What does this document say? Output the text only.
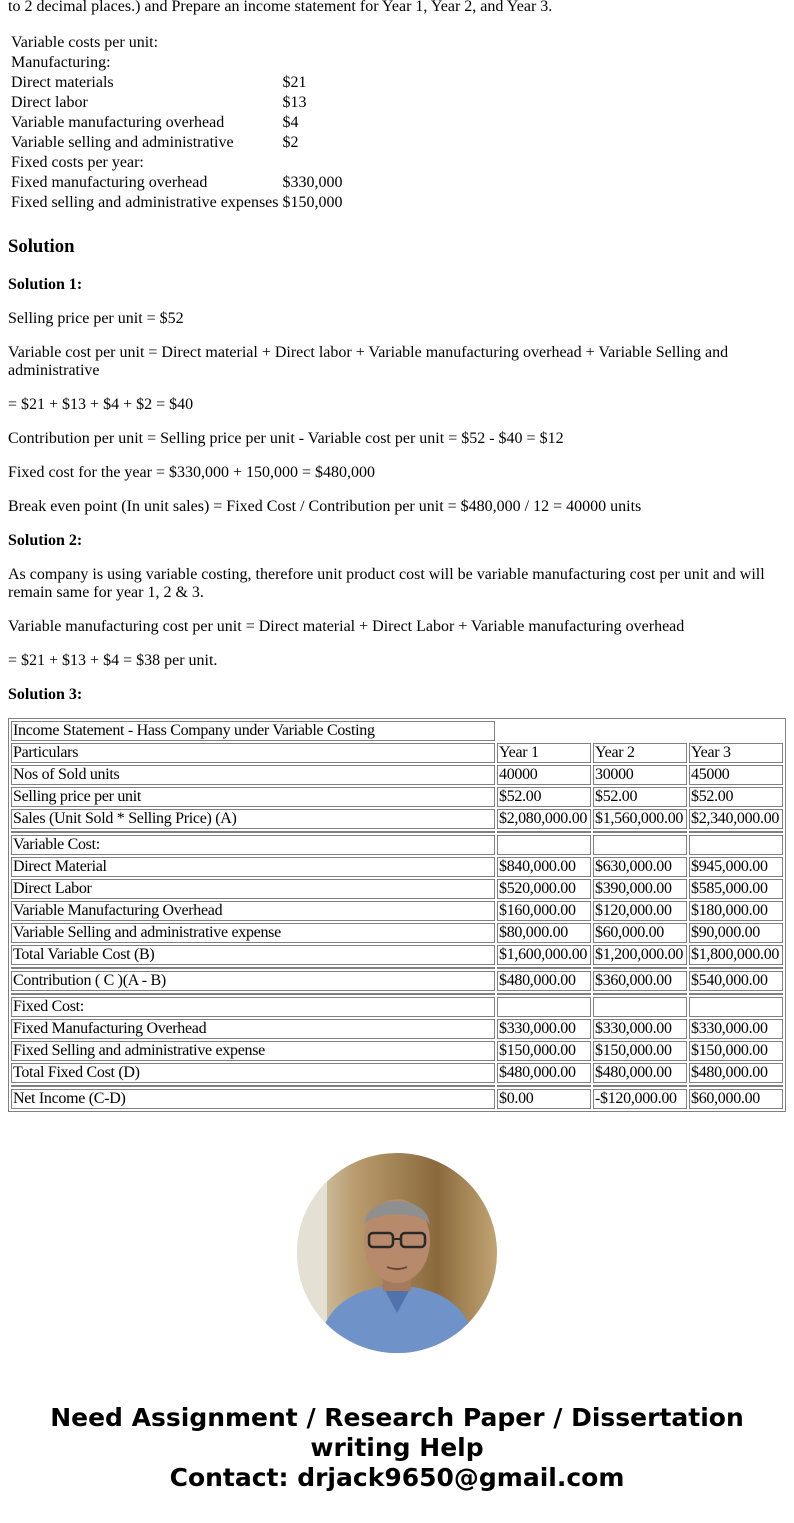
to 2 decimal places.) and Prepare an income statement for Year 1, Year 2, and Year 3.

Variable costs per unit:	
Manufacturing:	
Direct materials	$21
Direct labor	$13
Variable manufacturing overhead	$4
Variable selling and administrative	$2
Fixed costs per year:	
Fixed manufacturing overhead	$330,000
Fixed selling and administrative expenses	$150,000
Solution
Solution 1:

Selling price per unit = $52

Variable cost per unit = Direct material + Direct labor + Variable manufacturing overhead + Variable Selling and administrative

= $21 + $13 + $4 + $2 = $40

Contribution per unit = Selling price per unit - Variable cost per unit = $52 - $40 = $12

Fixed cost for the year = $330,000 + 150,000 = $480,000

Break even point (In unit sales) = Fixed Cost / Contribution per unit = $480,000 / 12 = 40000 units

Solution 2:

As company is using variable costing, therefore unit product cost will be variable manufacturing cost per unit and will remain same for year 1, 2 & 3.

Variable manufacturing cost per unit = Direct material + Direct Labor + Variable manufacturing overhead

= $21 + $13 + $4 = $38 per unit.

Solution 3:
Income Statement - Hass Company under Variable Costing			
Particulars	Year 1	Year 2	Year 3
Nos of Sold units	40000	30000	45000
Selling price per unit	$52.00	$52.00	$52.00
Sales (Unit Sold * Selling Price) (A)	$2,080,000.00	$1,560,000.00	$2,340,000.00

Variable Cost:			
Direct Material	$840,000.00	$630,000.00	$945,000.00
Direct Labor	$520,000.00	$390,000.00	$585,000.00
Variable Manufacturing Overhead	$160,000.00	$120,000.00	$180,000.00
Variable Selling and administrative expense	$80,000.00	$60,000.00	$90,000.00
Total Variable Cost (B)	$1,600,000.00	$1,200,000.00	$1,800,000.00

Contribution ( C )(A - B)	$480,000.00	$360,000.00	$540,000.00

Fixed Cost:			
Fixed Manufacturing Overhead	$330,000.00	$330,000.00	$330,000.00
Fixed Selling and administrative expense	$150,000.00	$150,000.00	$150,000.00
Total Fixed Cost (D)	$480,000.00	$480,000.00	$480,000.00

Net Income (C-D)	$0.00	-$120,000.00	$60,000.00
Need Assignment / Research Paper / Dissertation
writing Help
Contact: drjack9650@gmail.com
